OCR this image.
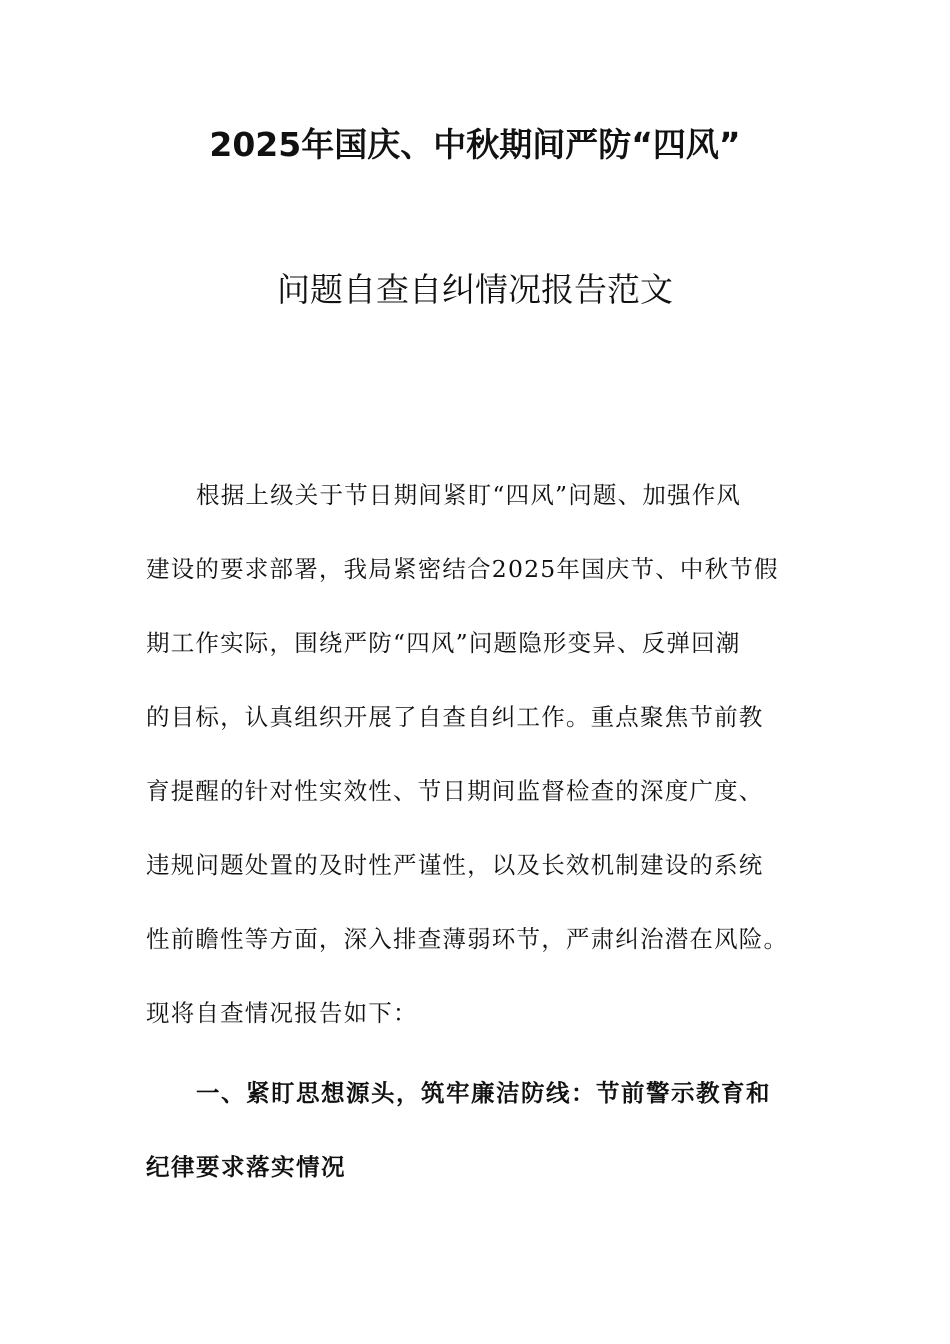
2025年国庆、中秋期间严防“四风”
问题自查自纠情况报告范文

根据上级关于节日期间紧盯“四风”问题、加强作风

建设的要求部署，我局紧密结合2025年国庆节、中秋节假

期工作实际，围绕严防“四风”问题隐形变异、反弹回潮

的目标，认真组织开展了自查自纠工作。重点聚焦节前教

育提醒的针对性实效性、节日期间监督检查的深度广度、

违规问题处置的及时性严谨性，以及长效机制建设的系统

性前瞻性等方面，深入排查薄弱环节，严肃纠治潜在风险。

现将自查情况报告如下：

一、紧盯思想源头，筑牢廉洁防线：节前警示教育和

纪律要求落实情况
